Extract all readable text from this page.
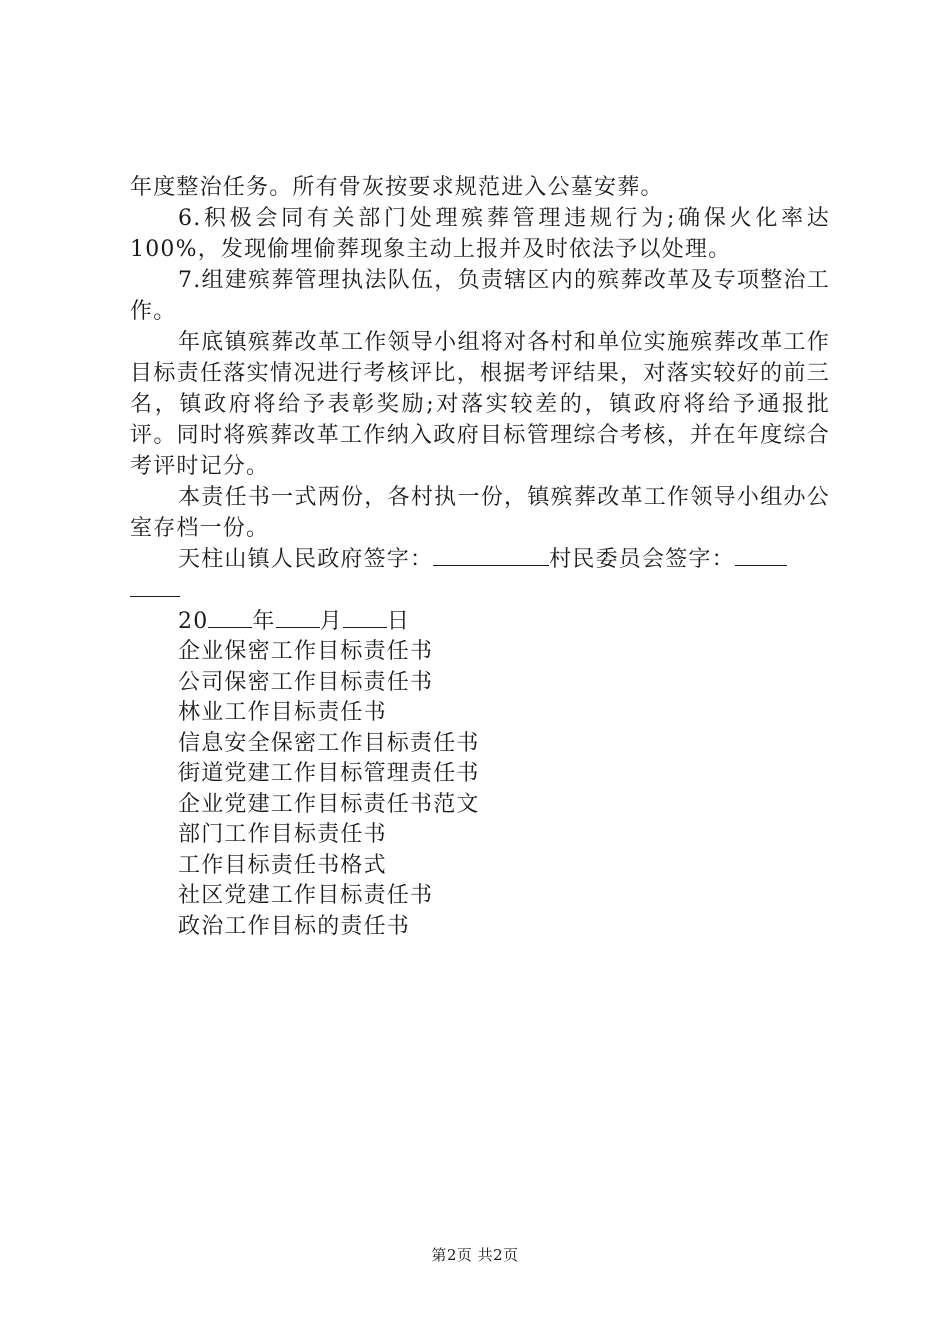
年度整治任务。所有骨灰按要求规范进入公墓安葬。

6.积极会同有关部门处理殡葬管理违规行为;确保火化率达100%，发现偷埋偷葬现象主动上报并及时依法予以处理。

7.组建殡葬管理执法队伍，负责辖区内的殡葬改革及专项整治工作。

年底镇殡葬改革工作领导小组将对各村和单位实施殡葬改革工作目标责任落实情况进行考核评比，根据考评结果，对落实较好的前三名，镇政府将给予表彰奖励;对落实较差的，镇政府将给予通报批评。同时将殡葬改革工作纳入政府目标管理综合考核，并在年度综合考评时记分。

本责任书一式两份，各村执一份，镇殡葬改革工作领导小组办公室存档一份。

天柱山镇人民政府签字：	村民委员会签字：

20 年 月 日

企业保密工作目标责任书
公司保密工作目标责任书
林业工作目标责任书
信息安全保密工作目标责任书
街道党建工作目标管理责任书
企业党建工作目标责任书范文
部门工作目标责任书
工作目标责任书格式
社区党建工作目标责任书
政治工作目标的责任书
第2页 共2页
